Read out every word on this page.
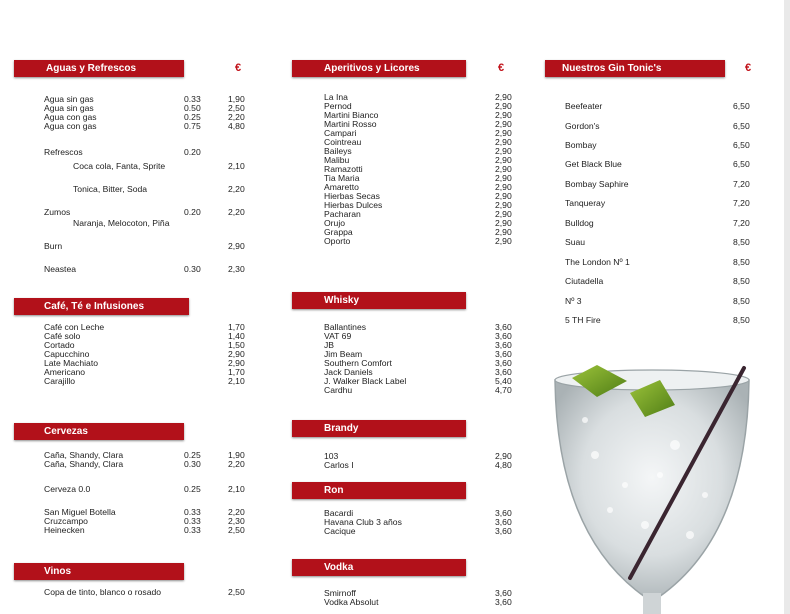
Aguas y Refrescos	€
Agua sin gas	0.33	1,90
Agua sin gas	0.50	2,50
Agua con gas	0.25	2,20
Agua con gas	0.75	4,80
Refrescos	0.20
Coca cola, Fanta, Sprite	2,10
Tonica, Bitter, Soda	2,20
Zumos	0.20	2,20
Naranja, Melocoton, Piña
Burn	2,90
Neastea	0.30	2,30
Café, Té e Infusiones
Café con Leche	1,70
Café solo	1,40
Cortado	1,50
Capucchino	2,90
Late Machiato	2,90
Americano	1,70
Carajillo	2,10
Cervezas
Caña, Shandy, Clara	0.25	1,90
Caña, Shandy, Clara	0.30	2,20
Cerveza 0.0	0.25	2,10
San Miguel Botella	0.33	2,20
Cruzcampo	0.33	2,30
Heinecken	0.33	2,50
Vinos
Copa de tinto, blanco o rosado	2,50
Aperitivos y Licores	€
La Ina	2,90
Pernod	2,90
Martini Bianco	2,90
Martini Rosso	2,90
Campari	2,90
Cointreau	2,90
Baileys	2,90
Malibu	2,90
Ramazotti	2,90
Tia Maria	2,90
Amaretto	2,90
Hierbas Secas	2,90
Hierbas Dulces	2,90
Pacharan	2,90
Orujo	2,90
Grappa	2,90
Oporto	2,90
Whisky
Ballantines	3,60
VAT 69	3,60
JB	3,60
Jim Beam	3,60
Southern Comfort	3,60
Jack Daniels	3,60
J. Walker Black Label	5,40
Cardhu	4,70
Brandy
103	2,90
Carlos I	4,80
Ron
Bacardi	3,60
Havana Club 3 años	3,60
Cacique	3,60
Vodka
Smirnoff	3,60
Vodka Absolut	3,60
Nuestros Gin Tonic's	€
Beefeater	6,50
Gordon's	6,50
Bombay	6,50
Get Black Blue	6,50
Bombay Saphire	7,20
Tanqueray	7,20
Bulldog	7,20
Suau	8,50
The London Nº 1	8,50
Ciutadella	8,50
Nº 3	8,50
5 TH Fire	8,50
